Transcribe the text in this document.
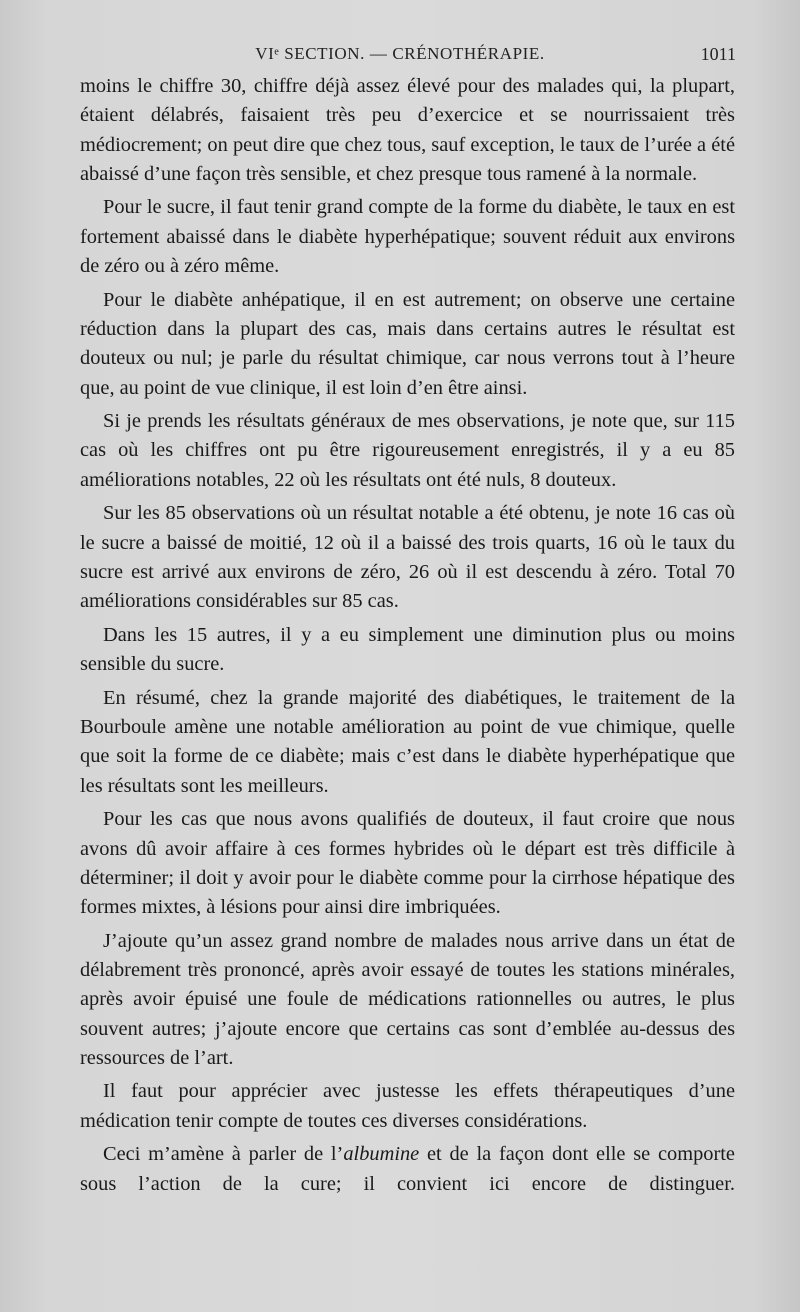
VIᵉ SECTION. — CRÉNOTHÉRAPIE.	1011

moins le chiffre 30, chiffre déjà assez élevé pour des malades qui, la plupart, étaient délabrés, faisaient très peu d’exercice et se nourrissaient très médiocrement; on peut dire que chez tous, sauf exception, le taux de l’urée a été abaissé d’une façon très sensible, et chez presque tous ramené à la normale.

Pour le sucre, il faut tenir grand compte de la forme du diabète, le taux en est fortement abaissé dans le diabète hyperhépatique; souvent réduit aux environs de zéro ou à zéro même.

Pour le diabète anhépatique, il en est autrement; on observe une certaine réduction dans la plupart des cas, mais dans certains autres le résultat est douteux ou nul; je parle du résultat chimique, car nous verrons tout à l’heure que, au point de vue clinique, il est loin d’en être ainsi.

Si je prends les résultats généraux de mes observations, je note que, sur 115 cas où les chiffres ont pu être rigoureusement enregistrés, il y a eu 85 améliorations notables, 22 où les résultats ont été nuls, 8 douteux.

Sur les 85 observations où un résultat notable a été obtenu, je note 16 cas où le sucre a baissé de moitié, 12 où il a baissé des trois quarts, 16 où le taux du sucre est arrivé aux environs de zéro, 26 où il est descendu à zéro. Total 70 améliorations considérables sur 85 cas.

Dans les 15 autres, il y a eu simplement une diminution plus ou moins sensible du sucre.

En résumé, chez la grande majorité des diabétiques, le traitement de la Bourboule amène une notable amélioration au point de vue chimique, quelle que soit la forme de ce diabète; mais c’est dans le diabète hyperhépatique que les résultats sont les meilleurs.

Pour les cas que nous avons qualifiés de douteux, il faut croire que nous avons dû avoir affaire à ces formes hybrides où le départ est très difficile à déterminer; il doit y avoir pour le diabète comme pour la cirrhose hépatique des formes mixtes, à lésions pour ainsi dire imbriquées.

J’ajoute qu’un assez grand nombre de malades nous arrive dans un état de délabrement très prononcé, après avoir essayé de toutes les stations minérales, après avoir épuisé une foule de médications rationnelles ou autres, le plus souvent autres; j’ajoute encore que certains cas sont d’emblée au-dessus des ressources de l’art.

Il faut pour apprécier avec justesse les effets thérapeutiques d’une médication tenir compte de toutes ces diverses considérations.

Ceci m’amène à parler de l’albumine et de la façon dont elle se comporte sous l’action de la cure; il convient ici encore de distinguer.
